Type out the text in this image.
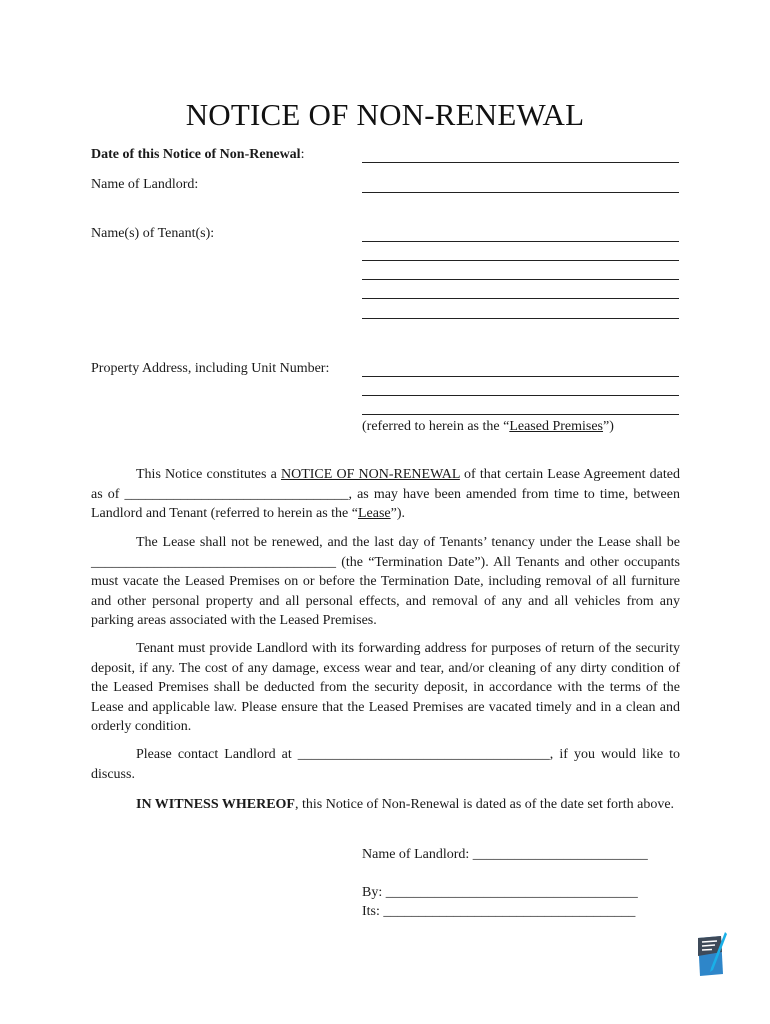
NOTICE OF NON-RENEWAL
Date of this Notice of Non-Renewal:
Name of Landlord:
Name(s) of Tenant(s):
Property Address, including Unit Number:
(referred to herein as the “Leased Premises”)
This Notice constitutes a NOTICE OF NON-RENEWAL of that certain Lease Agreement dated as of ________________________________, as may have been amended from time to time, between Landlord and Tenant (referred to herein as the “Lease”).
The Lease shall not be renewed, and the last day of Tenants’ tenancy under the Lease shall be ___________________________________ (the “Termination Date”). All Tenants and other occupants must vacate the Leased Premises on or before the Termination Date, including removal of all furniture and other personal property and all personal effects, and removal of any and all vehicles from any parking areas associated with the Leased Premises.
Tenant must provide Landlord with its forwarding address for purposes of return of the security deposit, if any. The cost of any damage, excess wear and tear, and/or cleaning of any dirty condition of the Leased Premises shall be deducted from the security deposit, in accordance with the terms of the Lease and applicable law. Please ensure that the Leased Premises are vacated timely and in a clean and orderly condition.
Please contact Landlord at ____________________________________, if you would like to discuss.
IN WITNESS WHEREOF, this Notice of Non-Renewal is dated as of the date set forth above.
Name of Landlord: _________________________
By: ____________________________________
Its: ____________________________________
